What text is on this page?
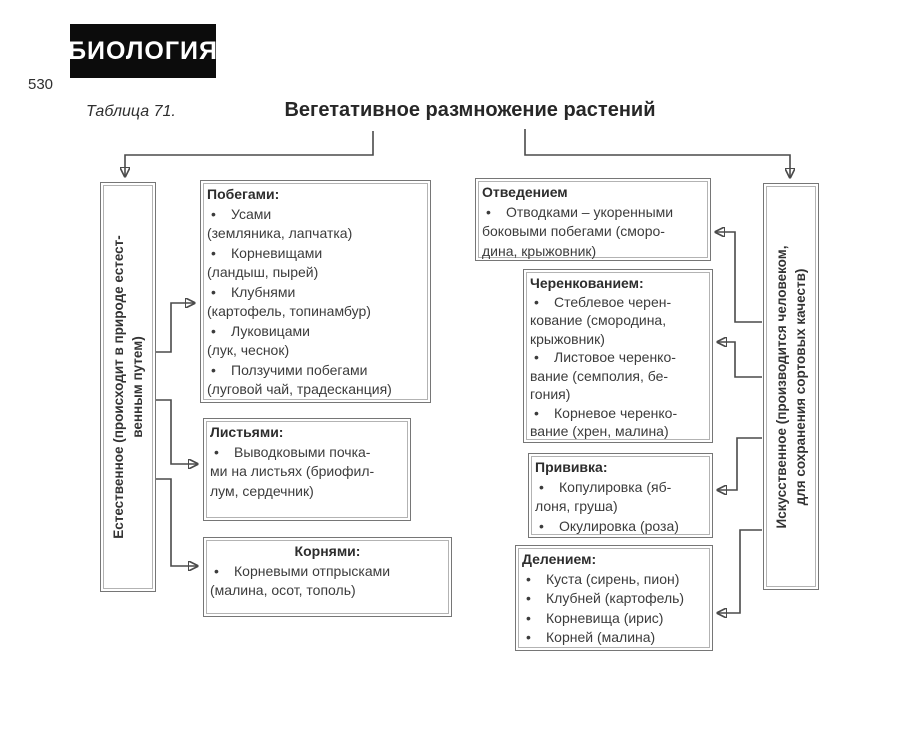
БИОЛОГИЯ
530
Таблица 71.	Вегетативное размножение растений
Естественное (происходит в природе естест- венным путем)	Искусственное (производится человеком, для сохранения сортовых качеств)
Побегами:
• Усами
(земляника, лапчатка)
• Корневищами
(ландыш, пырей)
• Клубнями
(картофель, топинамбур)
• Луковицами
(лук, чеснок)
• Ползучими побегами
(луговой чай, традесканция)
Листьями:
• Выводковыми почка-
ми на листьях (бриофил-
лум, сердечник)
Корнями:
• Корневыми отпрысками
(малина, осот, тополь)
Отведением
• Отводками – укоренными
боковыми побегами (сморо-
дина, крыжовник)
Черенкованием:
• Стеблевое черен-
кование (смородина,
крыжовник)
• Листовое черенко-
вание (семполия, бе-
гония)
• Корневое черенко-
вание (хрен, малина)
Прививка:
• Копулировка (яб-
лоня, груша)
• Окулировка (роза)
Делением:
• Куста (сирень, пион)
• Клубней (картофель)
• Корневища (ирис)
• Корней (малина)
